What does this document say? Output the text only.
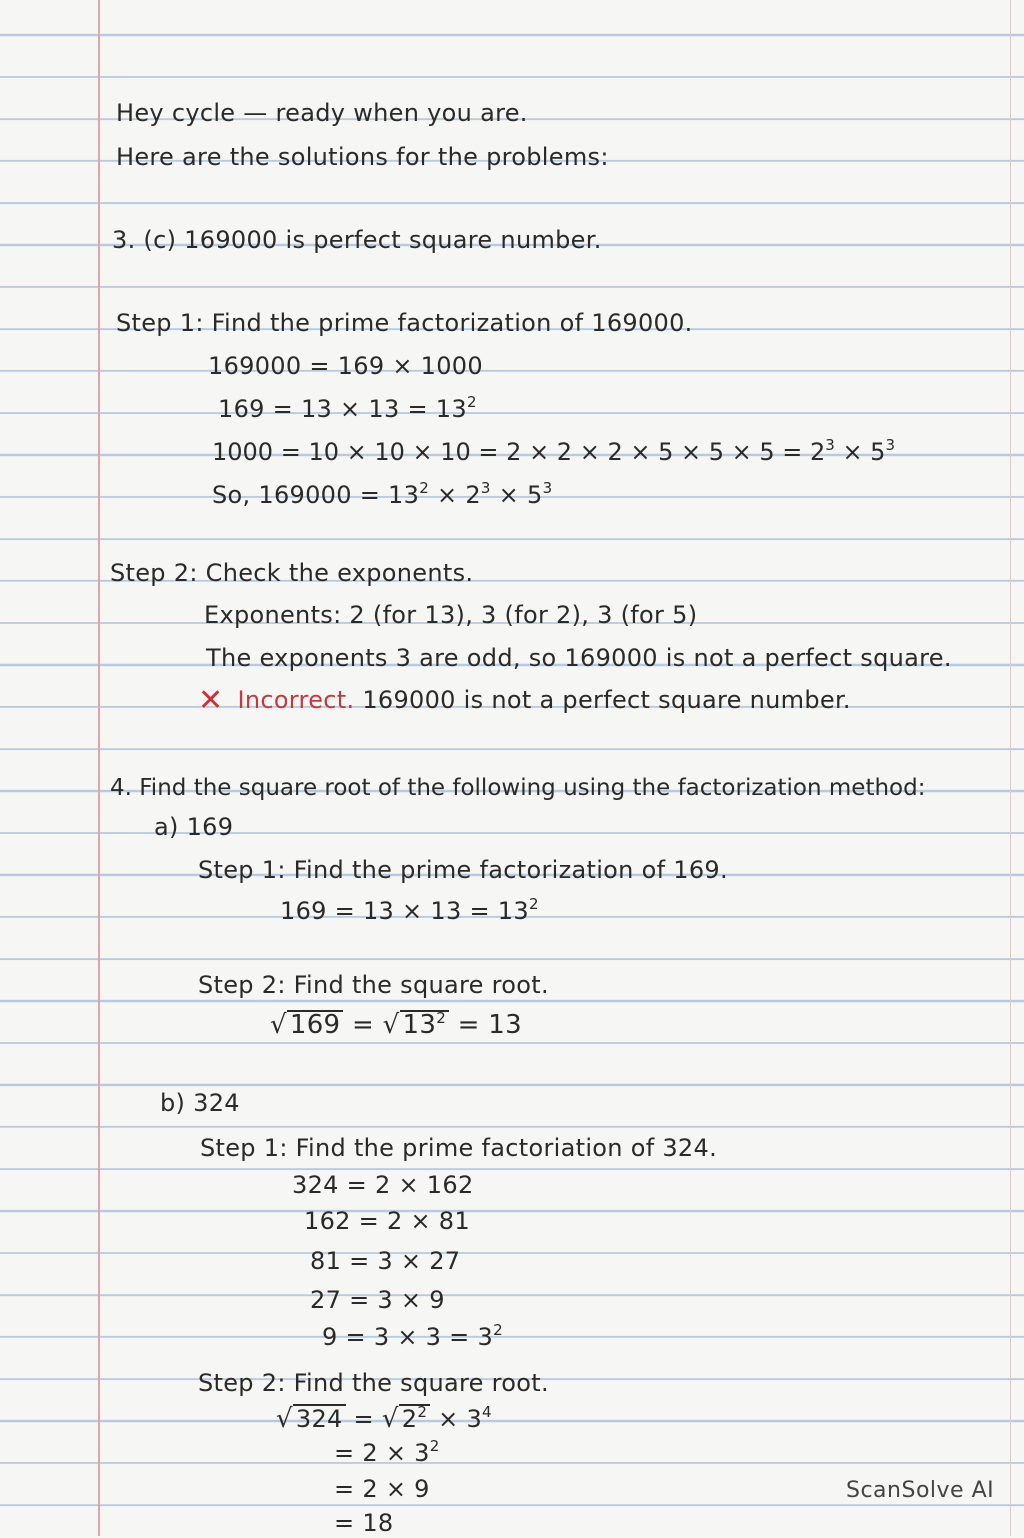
Hey cycle — ready when you are.
Here are the solutions for the problems:
3. (c) 169000 is perfect square number.
Step 1: Find the prime factorization of 169000.
169000 = 169 × 1000
$169 = 13 \times 13 = 13^2$
$1000 = 10 \times 10 \times 10 = 2 \times 2 \times 2 \times 5 \times 5 \times 5 = 2^3 \times 5^3$
So, $169000 = 13^2 \times 2^3 \times 5^3$
Step 2: Check the exponents.
Exponents: 2 (for 13), 3 (for 2), 3 (for 5)
The exponents 3 are odd, so 169000 is not a perfect square.
✕ Incorrect. 169000 is not a perfect square number.
4. Find the square root of the following using the factorization method:
a) 169
Step 1: Find the prime factorization of 169.
$169 = 13 \times 13 = 13^2$
Step 2: Find the square root.
√ 169 = √ $13^2 = 13$
b) 324
Step 1: Find the prime factoriation of 324.
324 = 2 × 162
162 = 2 × 81
81 = 3 × 27
27 = 3 × 9
$9 = 3 \times 3 = 3^2$
Step 2: Find the square root.
√ 324 = √ $2^2 \times 3^4$
= $2 \times 3^2$
= 2 × 9
= 18
ScanSolve AI
